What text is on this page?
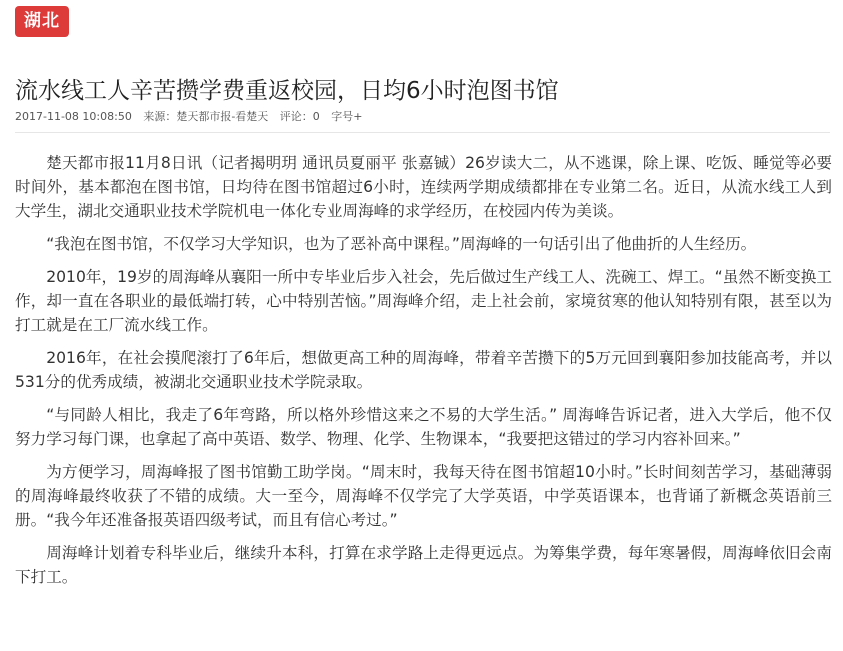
湖北
流水线工人辛苦攒学费重返校园，日均6小时泡图书馆
2017-11-08 10:08:50 来源：楚天都市报-看楚天 评论：0 字号+

楚天都市报11月8日讯（记者揭明玥 通讯员夏丽平 张嘉铖）26岁读大二，从不逃课，除上课、吃饭、睡觉等必要时间外，基本都泡在图书馆，日均待在图书馆超过6小时，连续两学期成绩都排在专业第二名。近日，从流水线工人到大学生，湖北交通职业技术学院机电一体化专业周海峰的求学经历，在校园内传为美谈。

“我泡在图书馆，不仅学习大学知识，也为了恶补高中课程。”周海峰的一句话引出了他曲折的人生经历。

2010年，19岁的周海峰从襄阳一所中专毕业后步入社会，先后做过生产线工人、洗碗工、焊工。“虽然不断变换工作，却一直在各职业的最低端打转，心中特别苦恼。”周海峰介绍，走上社会前，家境贫寒的他认知特别有限，甚至以为打工就是在工厂流水线工作。

2016年，在社会摸爬滚打了6年后，想做更高工种的周海峰，带着辛苦攒下的5万元回到襄阳参加技能高考，并以531分的优秀成绩，被湖北交通职业技术学院录取。

“与同龄人相比，我走了6年弯路，所以格外珍惜这来之不易的大学生活。” 周海峰告诉记者，进入大学后，他不仅努力学习每门课，也拿起了高中英语、数学、物理、化学、生物课本，“我要把这错过的学习内容补回来。”

为方便学习，周海峰报了图书馆勤工助学岗。“周末时，我每天待在图书馆超10小时。”长时间刻苦学习，基础薄弱的周海峰最终收获了不错的成绩。大一至今，周海峰不仅学完了大学英语，中学英语课本，也背诵了新概念英语前三册。“我今年还准备报英语四级考试，而且有信心考过。”

周海峰计划着专科毕业后，继续升本科，打算在求学路上走得更远点。为筹集学费，每年寒暑假，周海峰依旧会南下打工。
